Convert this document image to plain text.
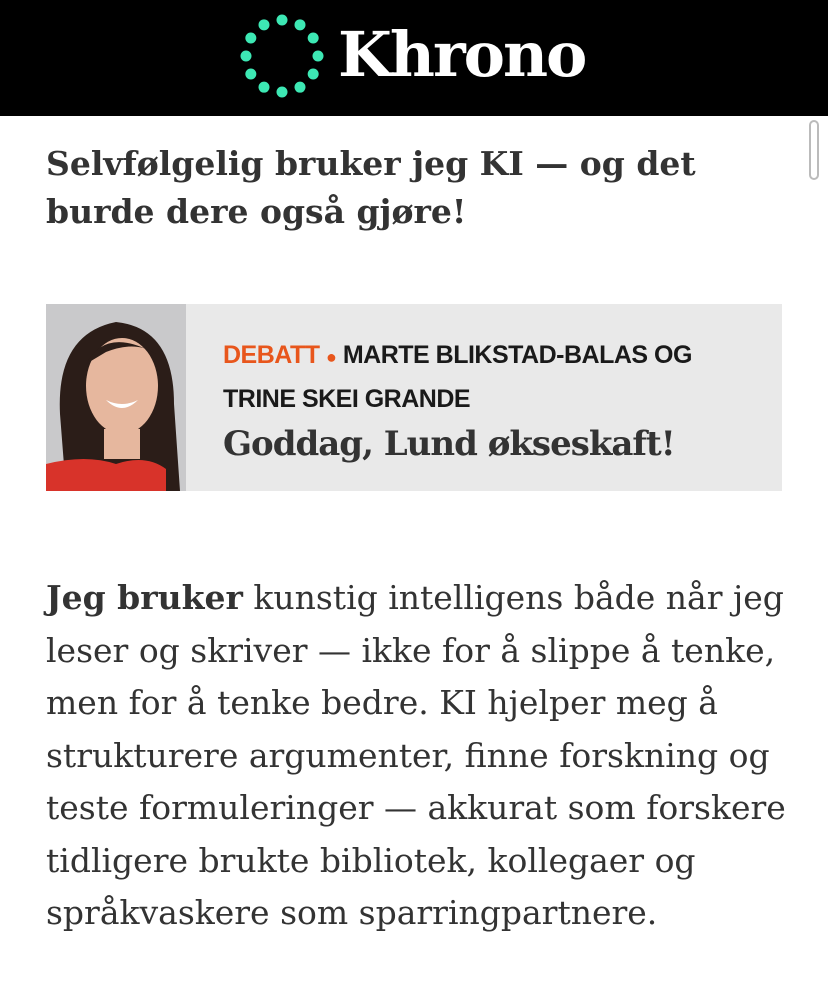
Khrono
Selvfølgelig bruker jeg KI — og det burde dere også gjøre!
DEBATT ● MARTE BLIKSTAD-BALAS OG TRINE SKEI GRANDE
Goddag, Lund økseskaft!

Jeg bruker kunstig intelligens både når jeg leser og skriver — ikke for å slippe å tenke, men for å tenke bedre. KI hjelper meg å strukturere argumenter, finne forskning og teste formuleringer — akkurat som forskere tidligere brukte bibliotek, kollegaer og språkvaskere som sparringpartnere.
